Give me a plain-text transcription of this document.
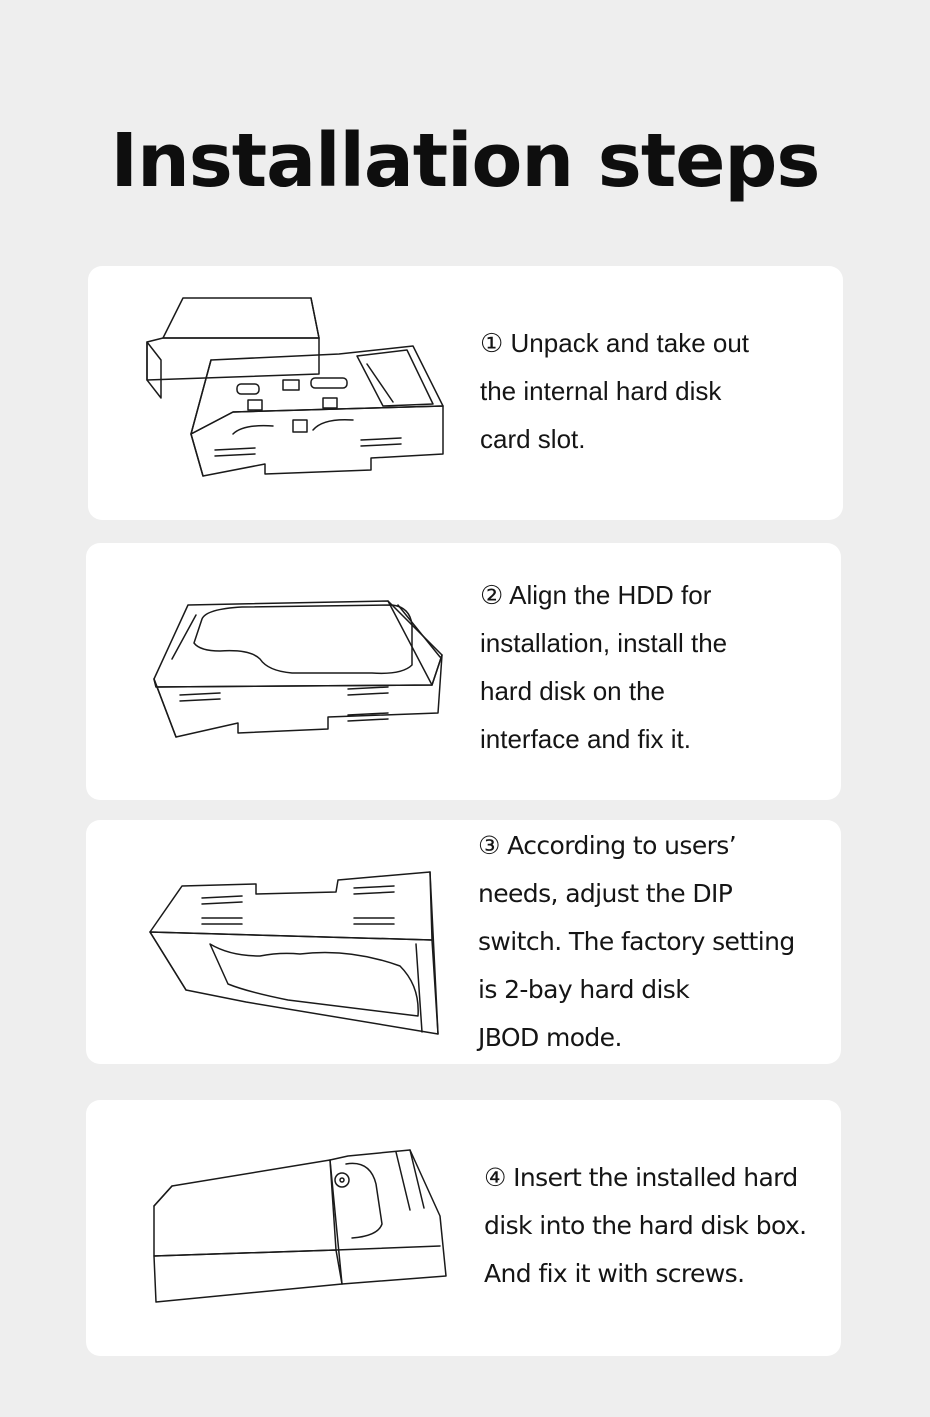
Installation steps
① Unpack and take out
the internal hard disk
card slot.
② Align the HDD for
installation, install the
hard disk on the
interface and fix it.
③ According to users’
needs, adjust the DIP
switch. The factory setting
is 2-bay hard disk
JBOD mode.
④ Insert the installed hard
disk into the hard disk box.
And fix it with screws.
